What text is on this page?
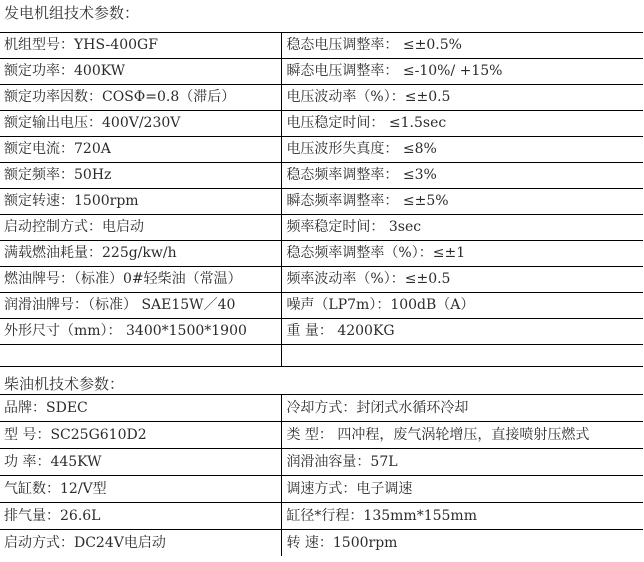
发电机组技术参数：
机组型号：YHS-400GF	稳态电压调整率： ≤±0.5%
额定功率：400KW	瞬态电压调整率： ≤-10%/ +15%
额定功率因数：COSΦ=0.8（滞后）	电压波动率（%）：≤±0.5
额定输出电压：400V/230V	电压稳定时间： ≤1.5sec
额定电流：720A	电压波形失真度： ≤8%
额定频率：50Hz	稳态频率调整率： ≤3%
额定转速：1500rpm	瞬态频率调整率： ≤±5%
启动控制方式：电启动	频率稳定时间： 3sec
满载燃油耗量：225g/kw/h	稳态频率调整率（%）：≤±1
燃油牌号：（标准）0#轻柴油（常温）	频率波动率（%）：≤±0.5
润滑油牌号：（标准） SAE15W／40	噪声（LP7m）：100dB（A）
外形尺寸（mm）： 3400*1500*1900	重 量： 4200KG

柴油机技术参数：
品牌：SDEC	冷却方式：封闭式水循环冷却
型 号：SC25G610D2	类 型： 四冲程，废气涡轮增压，直接喷射压燃式
功 率：445KW	润滑油容量：57L
气缸数：12/V型	调速方式：电子调速
排气量：26.6L	缸径*行程：135mm*155mm
启动方式：DC24V电启动	转 速：1500rpm
